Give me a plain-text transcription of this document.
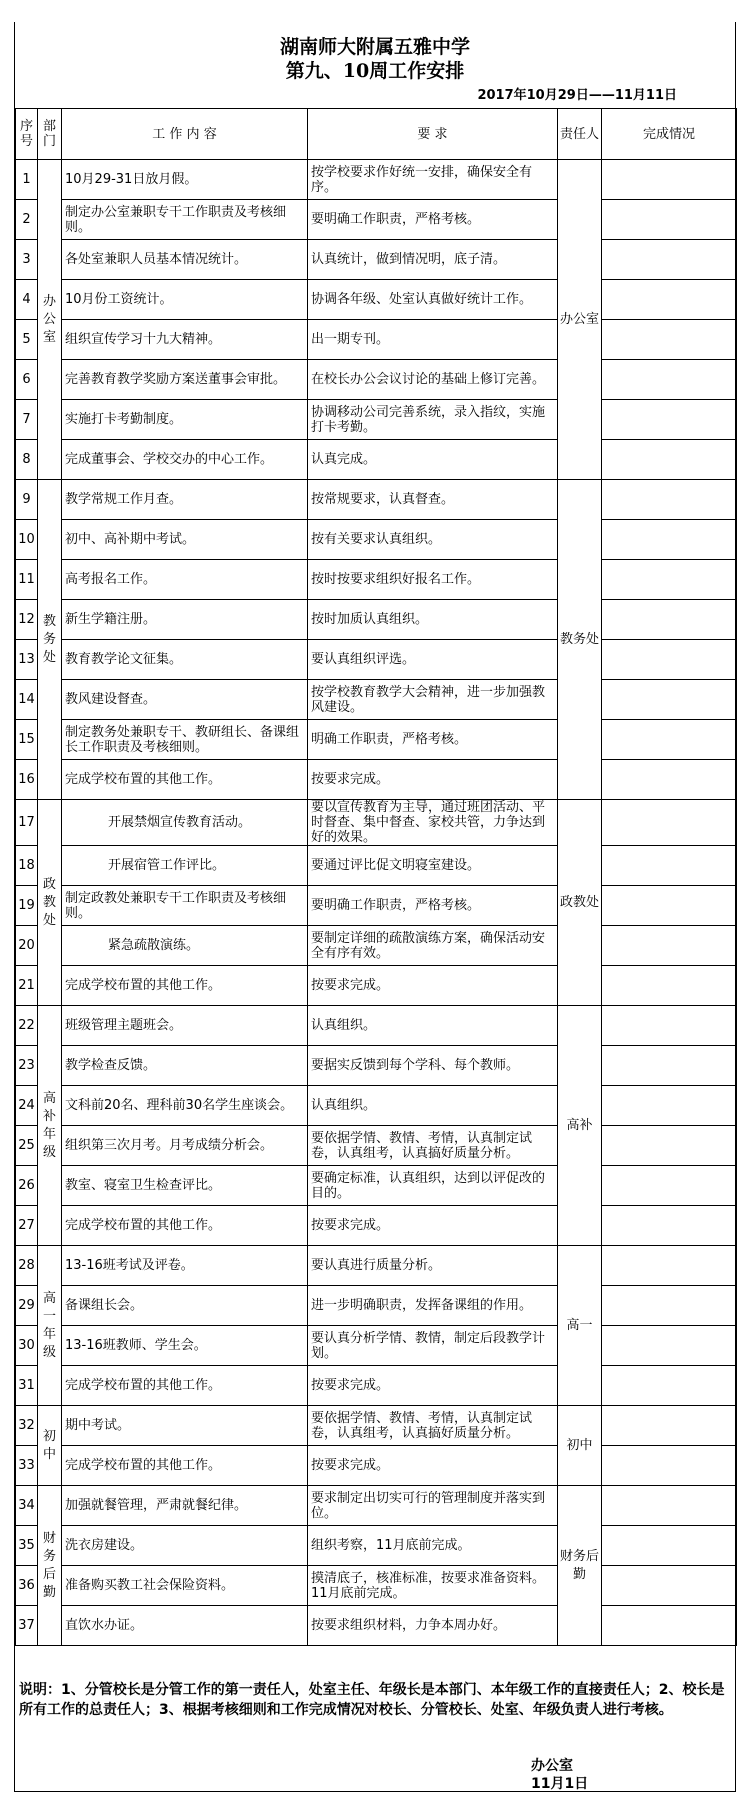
湖南师大附属五雅中学
第九、10周工作安排
2017年10月29日——11月11日
序号	部门	工 作 内 容	要 求	责任人	完成情况
1	办公室	10月29-31日放月假。	按学校要求作好统一安排，确保安全有序。	办公室	
2		制定办公室兼职专干工作职责及考核细则。	要明确工作职责，严格考核。		
3		各处室兼职人员基本情况统计。	认真统计，做到情况明，底子清。		
4		10月份工资统计。	协调各年级、处室认真做好统计工作。		
5		组织宣传学习十九大精神。	出一期专刊。		
6		完善教育教学奖励方案送董事会审批。	在校长办公会议讨论的基础上修订完善。		
7		实施打卡考勤制度。	协调移动公司完善系统，录入指纹，实施打卡考勤。		
8		完成董事会、学校交办的中心工作。	认真完成。		
9	教务处	教学常规工作月查。	按常规要求，认真督查。	教务处	
10		初中、高补期中考试。	按有关要求认真组织。		
11		高考报名工作。	按时按要求组织好报名工作。		
12		新生学籍注册。	按时加质认真组织。		
13		教育教学论文征集。	要认真组织评选。		
14		教风建设督查。	按学校教育教学大会精神，进一步加强教风建设。		
15		制定教务处兼职专干、教研组长、备课组长工作职责及考核细则。	明确工作职责，严格考核。		
16		完成学校布置的其他工作。	按要求完成。		
17	政教处	开展禁烟宣传教育活动。	要以宣传教育为主导，通过班团活动、平时督查、集中督查、家校共管，力争达到好的效果。	政教处	
18		开展宿管工作评比。	要通过评比促文明寝室建设。		
19		制定政教处兼职专干工作职责及考核细则。	要明确工作职责，严格考核。		
20		紧急疏散演练。	要制定详细的疏散演练方案，确保活动安全有序有效。		
21		完成学校布置的其他工作。	按要求完成。		
22	高补年级	班级管理主题班会。	认真组织。	高补	
23		教学检查反馈。	要据实反馈到每个学科、每个教师。		
24		文科前20名、理科前30名学生座谈会。	认真组织。		
25		组织第三次月考。月考成绩分析会。	要依据学情、教情、考情，认真制定试卷，认真组考，认真搞好质量分析。		
26		教室、寝室卫生检查评比。	要确定标准，认真组织，达到以评促改的目的。		
27		完成学校布置的其他工作。	按要求完成。		
28	高一年级	13-16班考试及评卷。	要认真进行质量分析。	高一	
29		备课组长会。	进一步明确职责，发挥备课组的作用。		
30		13-16班教师、学生会。	要认真分析学情、教情，制定后段教学计划。		
31		完成学校布置的其他工作。	按要求完成。		
32	初中	期中考试。	要依据学情、教情、考情，认真制定试卷，认真组考，认真搞好质量分析。	初中	
33		完成学校布置的其他工作。	按要求完成。		
34	财务后勤	加强就餐管理，严肃就餐纪律。	要求制定出切实可行的管理制度并落实到位。	财务后勤	
35		洗衣房建设。	组织考察，11月底前完成。		
36		准备购买教工社会保险资料。	摸清底子，核准标准，按要求准备资料。11月底前完成。		
37		直饮水办证。	按要求组织材料，力争本周办好。		
说明：1、分管校长是分管工作的第一责任人，处室主任、年级长是本部门、本年级工作的直接责任人；2、校长是所有工作的总责任人；3、根据考核细则和工作完成情况对校长、分管校长、处室、年级负责人进行考核。
办公室
11月1日
